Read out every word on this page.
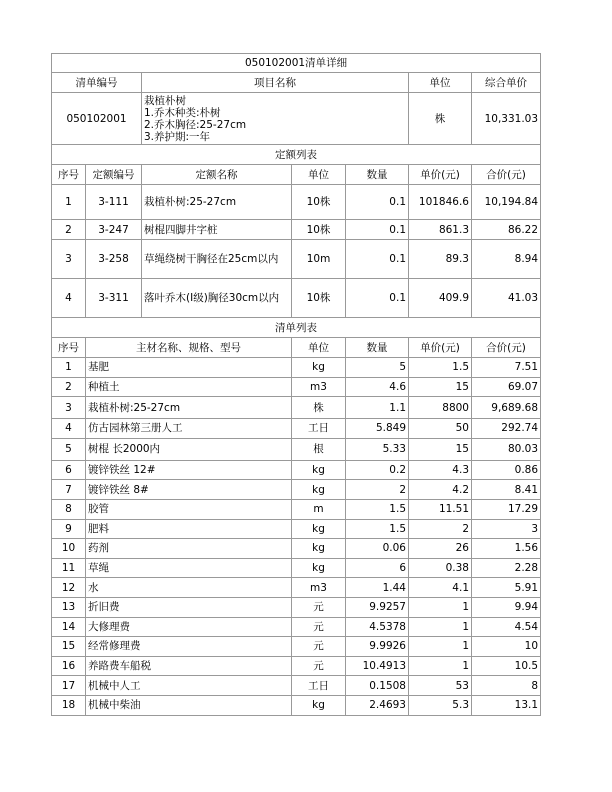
050102001清单详细						
清单编号		项目名称			单位	综合单价
050102001		栽植朴树
1.乔木种类:朴树
2.乔木胸径:25-27cm
3.养护期:一年			株	10,331.03
定额列表						
序号	定额编号	定额名称	单位	数量	单价(元)	合价(元)
1	3-111	栽植朴树:25-27cm	10株	0.1	101846.6	10,194.84
2	3-247	树棍四脚井字桩	10株	0.1	861.3	86.22
3	3-258	草绳绕树干胸径在25cm以内	10m	0.1	89.3	8.94
4	3-311	落叶乔木(I级)胸径30cm以内	10株	0.1	409.9	41.03
清单列表						
序号	主材名称、规格、型号		单位	数量	单价(元)	合价(元)
1	基肥		kg	5	1.5	7.51
2	种植土		m3	4.6	15	69.07
3	栽植朴树:25-27cm		株	1.1	8800	9,689.68
4	仿古园林第三册人工		工日	5.849	50	292.74
5	树棍 长2000内		根	5.33	15	80.03
6	镀锌铁丝 12#		kg	0.2	4.3	0.86
7	镀锌铁丝 8#		kg	2	4.2	8.41
8	胶管		m	1.5	11.51	17.29
9	肥料		kg	1.5	2	3
10	药剂		kg	0.06	26	1.56
11	草绳		kg	6	0.38	2.28
12	水		m3	1.44	4.1	5.91
13	折旧费		元	9.9257	1	9.94
14	大修理费		元	4.5378	1	4.54
15	经常修理费		元	9.9926	1	10
16	养路费车船税		元	10.4913	1	10.5
17	机械中人工		工日	0.1508	53	8
18	机械中柴油		kg	2.4693	5.3	13.1
